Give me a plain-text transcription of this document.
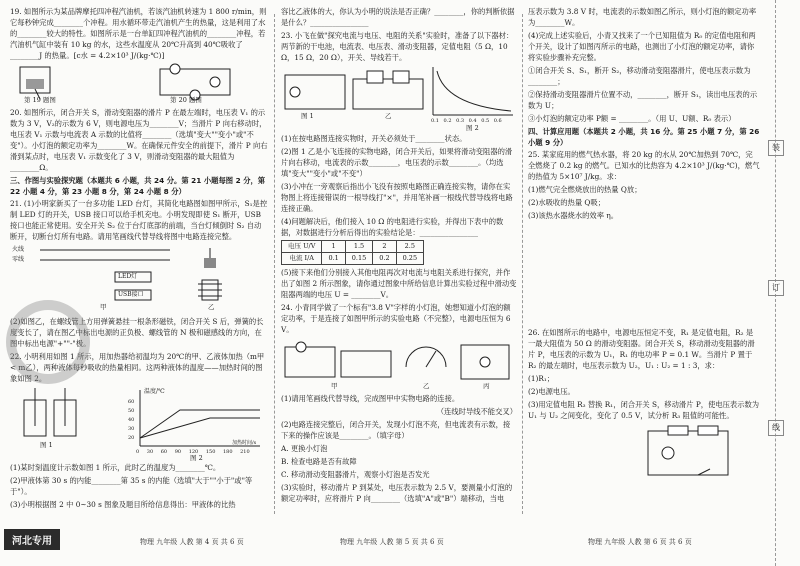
19. 如图所示为某品牌摩托四冲程汽油机，若该汽油机转速为 1 800 r/min，则它每秒钟完成________个冲程。用水循环带走汽油机产生的热量，这是利用了水的________较大的特性。如图所示是一台单缸四冲程汽油机的________冲程，若汽油机气缸中装有 10 kg 的水，这些水温度从 20℃升高到 40℃吸收了________J 的热量。[c水 = 4.2×10³ J/(kg·℃)]

第 19 题图	第 20 题图

20. 如图所示，闭合开关 S，滑动变阻器的滑片 P 在最左端时，电压表 V₁ 的示数为 3 V，V₂的示数为 6 V，则电源电压为________V；当滑片 P 向右移动时，电压表 V₁ 示数与电流表 A 示数的比值将________（选填"变大""变小"或"不变"）。小灯泡的额定功率为________W。在确保元件安全的前提下，滑片 P 向右滑到某点时，电压表 V₁ 示数变化了 3 V，则滑动变阻器的最大阻值为________Ω。

三、作图与实验探究题（本题共 6 小题，共 24 分。第 21 小题每图 2 分，第 22 小题 4 分，第 23 小题 8 分，第 24 小题 8 分）

21. (1)小明家新买了一台多功能 LED 台灯，其简化电路图如图甲所示，S₁是控制 LED 灯的开关，USB 接口可以给手机充电。小明发现即使 S₁ 断开，USB 接口也能正常使用。安全开关 S₂ 位于台灯底部的前端，当台灯倾倒时 S₂ 自动断开，切断台灯所有电路。请用笔画线代替导线将图中电路连接完整。

火线
零线
LED灯
USB接口
甲	乙

(2)如图乙，在螺线管上方用弹簧悬挂一根条形磁铁，闭合开关 S 后，弹簧的长度变长了，请在图乙中标出电源的正负极、螺线管的 N 极和磁感线的方向，在图中标出电源"+""-"极。

22. 小明利用如图 1 所示，用加热器给初温均为 20℃的甲、乙液体加热（m甲 < m乙），两种液体每秒吸收的热量相同。这两种液体的温度——加热时间的图象如图 2。

温度/℃
60
50
40
30
20
0 30 60 90 120 150 180 210
加热时间/s
图 1
图 2

(1)某时刻温度计示数如图 1 所示，此时乙的温度为________℃。

(2)甲液体第 30 s 的内能________第 35 s 的内能（选填"大于""小于"或"等于"）。

(3)小明根据图 2 中 0~30 s 图象及题目所给信息得出：甲液体的比热

容比乙液体的大，你认为小明的说法是否正确？________，你的判断依据是什么？________________

23. 小飞在做"探究电流与电压、电阻的关系"实验时，准备了以下器材：两节新的干电池，电流表、电压表、滑动变阻器，定值电阻（5 Ω，10 Ω，15 Ω，20 Ω），开关、导线若干。

0.1 0.2 0.3 0.4 0.5 0.6
图 1	乙
图 2

(1)在按电路图连接实物时，开关必须处于________状态。

(2)图 1 乙是小飞连接的实物电路，闭合开关后，如果将滑动变阻器的滑片向右移动，电流表的示数________，电压表的示数________。（均选填"变大""变小"或"不变"）

(3)小冲在一旁观察后指出小飞没有按照电路图正确连接实物，请你在实物图上将连接错误的一根导线打"×"，并用笔补画一根线代替导线将电路连接正确。

(4)问题解决后，他们接入 10 Ω 的电阻进行实验，并得出下表中的数据，对数据进行分析后得出的实验结论是：________________

电压 U/V	1	1.5	2	2.5
电流 I/A	0.1	0.15	0.2	0.25

(5)接下来他们分别接入其他电阻再次对电流与电阻关系进行探究，并作出了如图 2 所示图象，请你通过图象中所给信息计算出实验过程中滑动变阻器两端的电压 U = ________V。

24. 小青同学做了一个标有"3.8 V"字样的小灯泡，她想知道小灯泡的额定功率，于是连接了如图甲所示的实验电路（不完整），电源电压恒为 6 V。

甲	乙	丙

(1)请用笔画线代替导线，完成图甲中实物电路的连接。

（连线时导线不能交叉）

(2)电路连接完整后，闭合开关，发现小灯泡不亮，但电流表有示数，接下来的操作应该是________。（填字母）

A. 更换小灯泡

B. 检查电路是否有故障

C. 移动滑动变阻器滑片，观察小灯泡是否发光

(3)实验时，移动滑片 P 到某处，电压表示数为 2.5 V，要测量小灯泡的额定功率时，应将滑片 P 向________（选填"A"或"B"）端移动，当电

压表示数为 3.8 V 时，电流表的示数如图乙所示，则小灯泡的额定功率为________W。

(4)完成上述实验后，小青又找来了一个已知阻值为 R₀ 的定值电阻和两个开关，设计了如图丙所示的电路，也测出了小灯泡的额定功率，请你将实验步骤补充完整。

①闭合开关 S、S₁，断开 S₂，移动滑动变阻器滑片，使电压表示数为________；

②保持滑动变阻器滑片位置不动，________，断开 S₁，读出电压表的示数为 U；

③小灯泡的额定功率 P额 = ________。（用 U、U额、R₀ 表示）

四、计算应用题（本题共 2 小题，共 16 分。第 25 小题 7 分，第 26 小题 9 分）

25. 某家庭用的燃气热水器，将 20 kg 的水从 20℃加热到 70℃，完全燃烧了 0.2 kg 的燃气。已知水的比热容为 4.2×10³ J/(kg·℃)，燃气的热值为 5×10⁷ J/kg。求：

(1)燃气完全燃烧放出的热量 Q放；

(2)水吸收的热量 Q吸；

(3)该热水器烧水的效率 η。

26. 在如图所示的电路中，电源电压恒定不变，R₁ 是定值电阻，R₂ 是一最大阻值为 50 Ω 的滑动变阻器。闭合开关 S，移动滑动变阻器的滑片 P，电压表的示数为 U₁，R₁ 的电功率 P = 0.1 W。当滑片 P 置于 R₂ 的最左端时，电压表示数为 U₂，U₁ : U₂ = 1 : 3，求：

(1)R₁；

(2)电源电压。

(3)用定值电阻 R₃ 替换 R₁，闭合开关 S，移动滑片 P，使电压表示数为 U₁ 与 U₂ 之间变化，变化了 0.5 V，试分析 R₃ 阻值的可能性。

装
订
线
河北专用	物理 九年级 人教 第 4 页 共 6 页	物理 九年级 人教 第 5 页 共 6 页	物理 九年级 人教 第 6 页 共 6 页
